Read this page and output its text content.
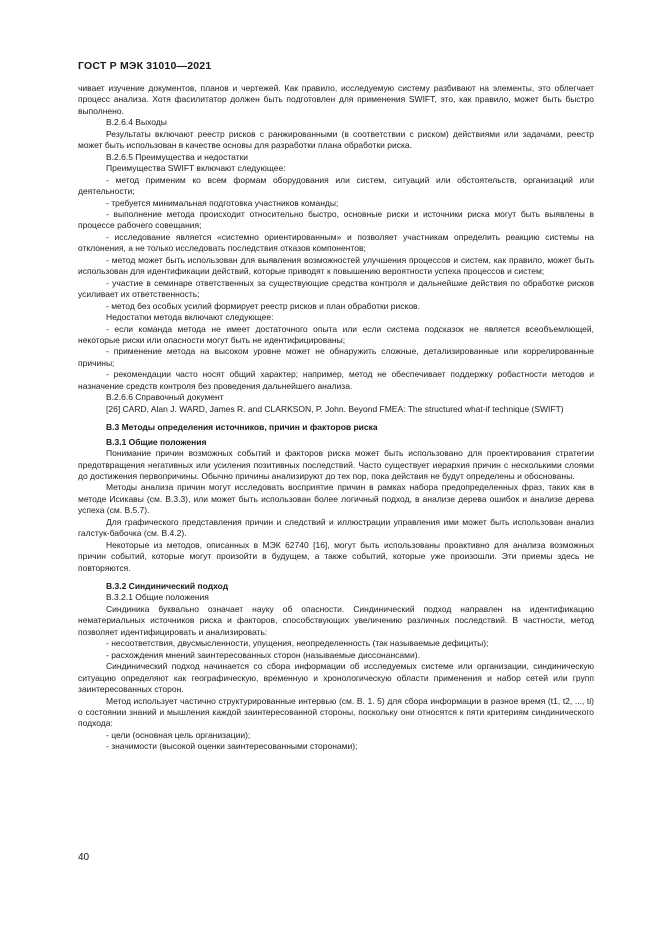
ГОСТ Р МЭК 31010—2021

чивает изучение документов, планов и чертежей. Как правило, исследуемую систему разбивают на элементы, это облегчает процесс анализа. Хотя фасилитатор должен быть подготовлен для применения SWIFT, это, как правило, может быть быстро выполнено.

В.2.6.4 Выходы

Результаты включают реестр рисков с ранжированными (в соответствии с риском) действиями или задачами, реестр может быть использован в качестве основы для разработки плана обработки риска.

В.2.6.5 Преимущества и недостатки

Преимущества SWIFT включают следующее:

- метод применим ко всем формам оборудования или систем, ситуаций или обстоятельств, организаций или деятельности;

- требуется минимальная подготовка участников команды;

- выполнение метода происходит относительно быстро, основные риски и источники риска могут быть выявлены в процессе рабочего совещания;

- исследование является «системно ориентированным» и позволяет участникам определить реакцию системы на отклонения, а не только исследовать последствия отказов компонентов;

- метод может быть использован для выявления возможностей улучшения процессов и систем, как правило, может быть использован для идентификации действий, которые приводят к повышению вероятности успеха процессов и систем;

- участие в семинаре ответственных за существующие средства контроля и дальнейшие действия по обработке рисков усиливает их ответственность;

- метод без особых усилий формирует реестр рисков и план обработки рисков.

Недостатки метода включают следующее:

- если команда метода не имеет достаточного опыта или если система подсказок не является всеобъемлющей, некоторые риски или опасности могут быть не идентифицированы;

- применение метода на высоком уровне может не обнаружить сложные, детализированные или коррелированные причины;

- рекомендации часто носят общий характер; например, метод не обеспечивает поддержку робастности методов и назначение средств контроля без проведения дальнейшего анализа.

В.2.6.6 Справочный документ

[26] CARD, Alan J. WARD, James R. and CLARKSON, P. John. Beyond FMEA: The structured what-if technique (SWIFT)

В.3 Методы определения источников, причин и факторов риска

В.3.1 Общие положения

Понимание причин возможных событий и факторов риска может быть использовано для проектирования стратегии предотвращения негативных или усиления позитивных последствий. Часто существует иерархия причин с несколькими слоями до достижения первопричины. Обычно причины анализируют до тех пор, пока действия не будут определены и обоснованы.

Методы анализа причин могут исследовать восприятие причин в рамках набора предопределенных фраз, таких как в методе Исикавы (см. В.3.3), или может быть использован более логичный подход, в анализе дерева ошибок и анализе дерева успеха (см. В.5.7).

Для графического представления причин и следствий и иллюстрации управления ими может быть использован анализ галстук-бабочка (см. В.4.2).

Некоторые из методов, описанных в МЭК 62740 [16], могут быть использованы проактивно для анализа возможных причин событий, которые могут произойти в будущем, а также событий, которые уже произошли. Эти приемы здесь не повторяются.

В.3.2 Синдинический подход

В.3.2.1 Общие положения

Синдиника буквально означает науку об опасности. Синдинический подход направлен на идентификацию нематериальных источников риска и факторов, способствующих увеличению различных последствий. В частности, метод позволяет идентифицировать и анализировать:

- несоответствия, двусмысленности, упущения, неопределенность (так называемые дефициты);

- расхождения мнений заинтересованных сторон (называемые диссонансами).

Синдинический подход начинается со сбора информации об исследуемых системе или организации, синдиническую ситуацию определяют как географическую, временную и хронологическую области применения и набор сетей или групп заинтересованных сторон.

Метод использует частично структурированные интервью (см. В. 1. 5) для сбора информации в разное время (t1, t2, ..., ti) о состоянии знаний и мышления каждой заинтересованной стороны, поскольку они относятся к пяти критериям синдинического подхода:

- цели (основная цель организации);

- значимости (высокой оценки заинтересованными сторонами);

40
